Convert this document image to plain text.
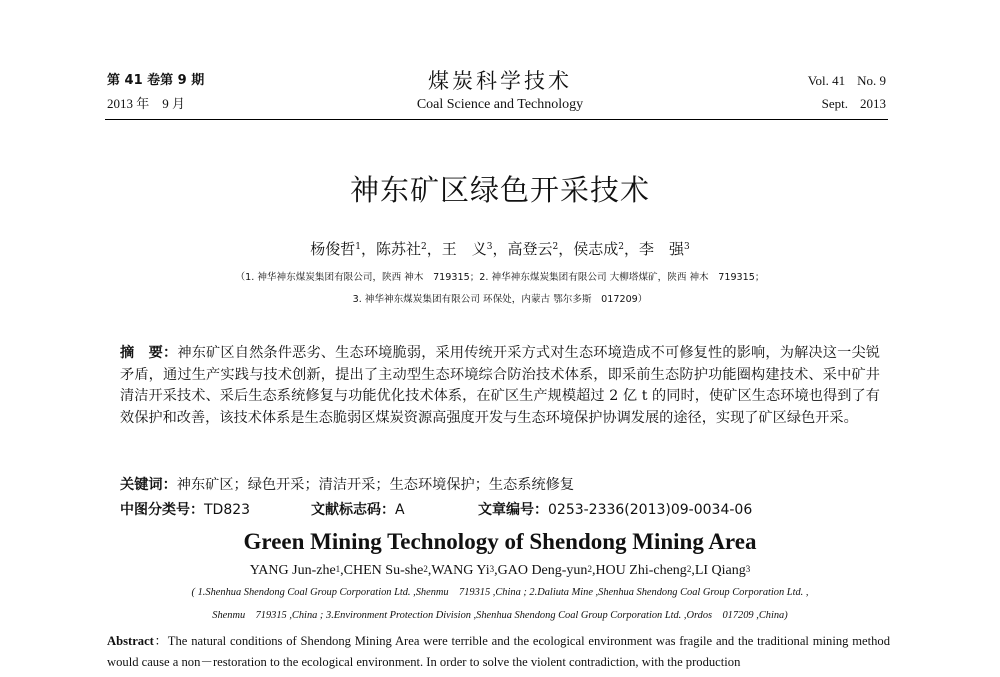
第 41 卷第 9 期
2013 年    9 月
煤炭科学技术
Coal Science and Technology
Vol. 41 No. 9
Sept. 2013
神东矿区绿色开采技术
杨俊哲$^1$，陈苏社$^2$，王　义$^3$，高登云$^2$，侯志成$^2$，李　强$^3$
（1. 神华神东煤炭集团有限公司，陕西 神木　719315；2. 神华神东煤炭集团有限公司 大柳塔煤矿，陕西 神木　719315；
3. 神华神东煤炭集团有限公司 环保处，内蒙古 鄂尔多斯　017209）
摘　要：神东矿区自然条件恶劣、生态环境脆弱，采用传统开采方式对生态环境造成不可修复性的影响，为解决这一尖锐矛盾，通过生产实践与技术创新，提出了主动型生态环境综合防治技术体系，即采前生态防护功能圈构建技术、采中矿井清洁开采技术、采后生态系统修复与功能优化技术体系，在矿区生产规模超过 2 亿 t 的同时，使矿区生态环境也得到了有效保护和改善，该技术体系是生态脆弱区煤炭资源高强度开发与生态环境保护协调发展的途径，实现了矿区绿色开采。
关键词：神东矿区；绿色开采；清洁开采；生态环境保护；生态系统修复
中图分类号：TD823	文献标志码：A	文章编号：0253-2336(2013)09-0034-06
Green Mining Technology of Shendong Mining Area
YANG Jun-zhe$^1$,CHEN Su-she$^2$,WANG Yi$^3$,GAO Deng-yun$^2$,HOU Zhi-cheng$^2$,LI Qiang$^3$
( 1.Shenhua Shendong Coal Group Corporation Ltd. ,Shenmu　719315 ,China ; 2.Daliuta Mine ,Shenhua Shendong Coal Group Corporation Ltd. ,
Shenmu　719315 ,China ; 3.Environment Protection Division ,Shenhua Shendong Coal Group Corporation Ltd. ,Ordos　017209 ,China)
Abstract：The natural conditions of Shendong Mining Area were terrible and the ecological environment was fragile and the traditional mining method would cause a non－restoration to the ecological environment. In order to solve the violent contradiction, with the production
